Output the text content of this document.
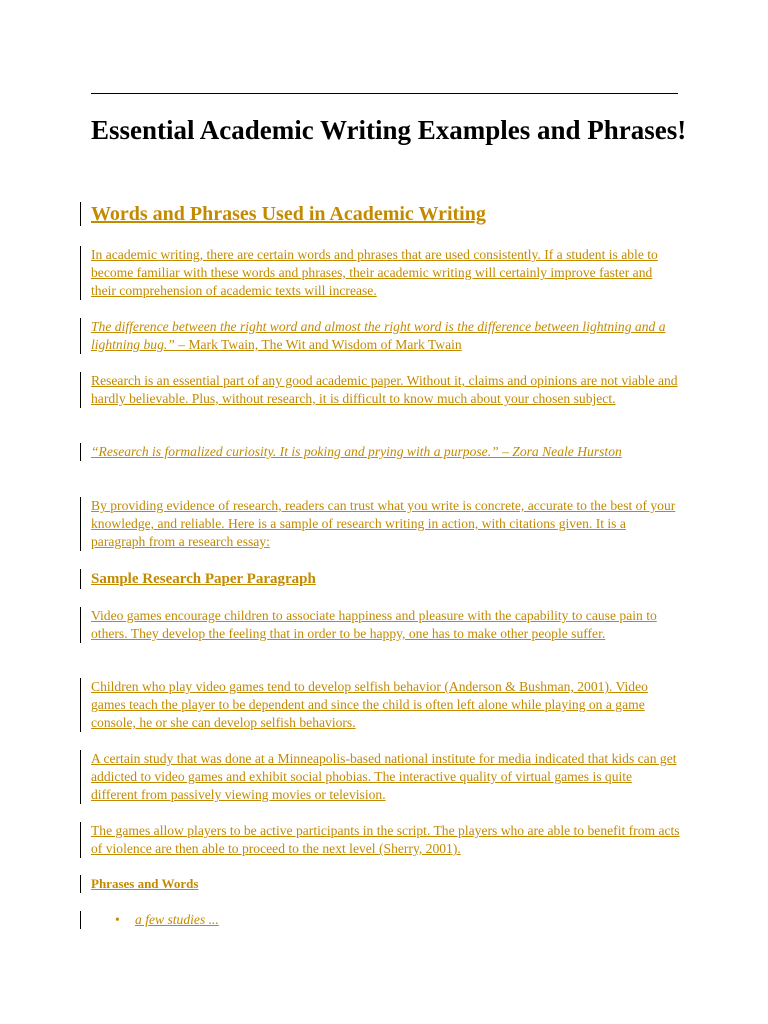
Essential Academic Writing Examples and Phrases!
Words and Phrases Used in Academic Writing

In academic writing, there are certain words and phrases that are used consistently. If a student is able to become familiar with these words and phrases, their academic writing will certainly improve faster and their comprehension of academic texts will increase.

The difference between the right word and almost the right word is the difference between lightning and a lightning bug.” – Mark Twain, The Wit and Wisdom of Mark Twain

Research is an essential part of any good academic paper. Without it, claims and opinions are not viable and hardly believable. Plus, without research, it is difficult to know much about your chosen subject.

“Research is formalized curiosity. It is poking and prying with a purpose.” – Zora Neale Hurston

By providing evidence of research, readers can trust what you write is concrete, accurate to the best of your knowledge, and reliable. Here is a sample of research writing in action, with citations given. It is a paragraph from a research essay:

Sample Research Paper Paragraph

Video games encourage children to associate happiness and pleasure with the capability to cause pain to others. They develop the feeling that in order to be happy, one has to make other people suffer.

Children who play video games tend to develop selfish behavior (Anderson & Bushman, 2001). Video games teach the player to be dependent and since the child is often left alone while playing on a game console, he or she can develop selfish behaviors.

A certain study that was done at a Minneapolis-based national institute for media indicated that kids can get addicted to video games and exhibit social phobias. The interactive quality of virtual games is quite different from passively viewing movies or television.

The games allow players to be active participants in the script. The players who are able to benefit from acts of violence are then able to proceed to the next level (Sherry, 2001).

Phrases and Words
• a few studies ...
